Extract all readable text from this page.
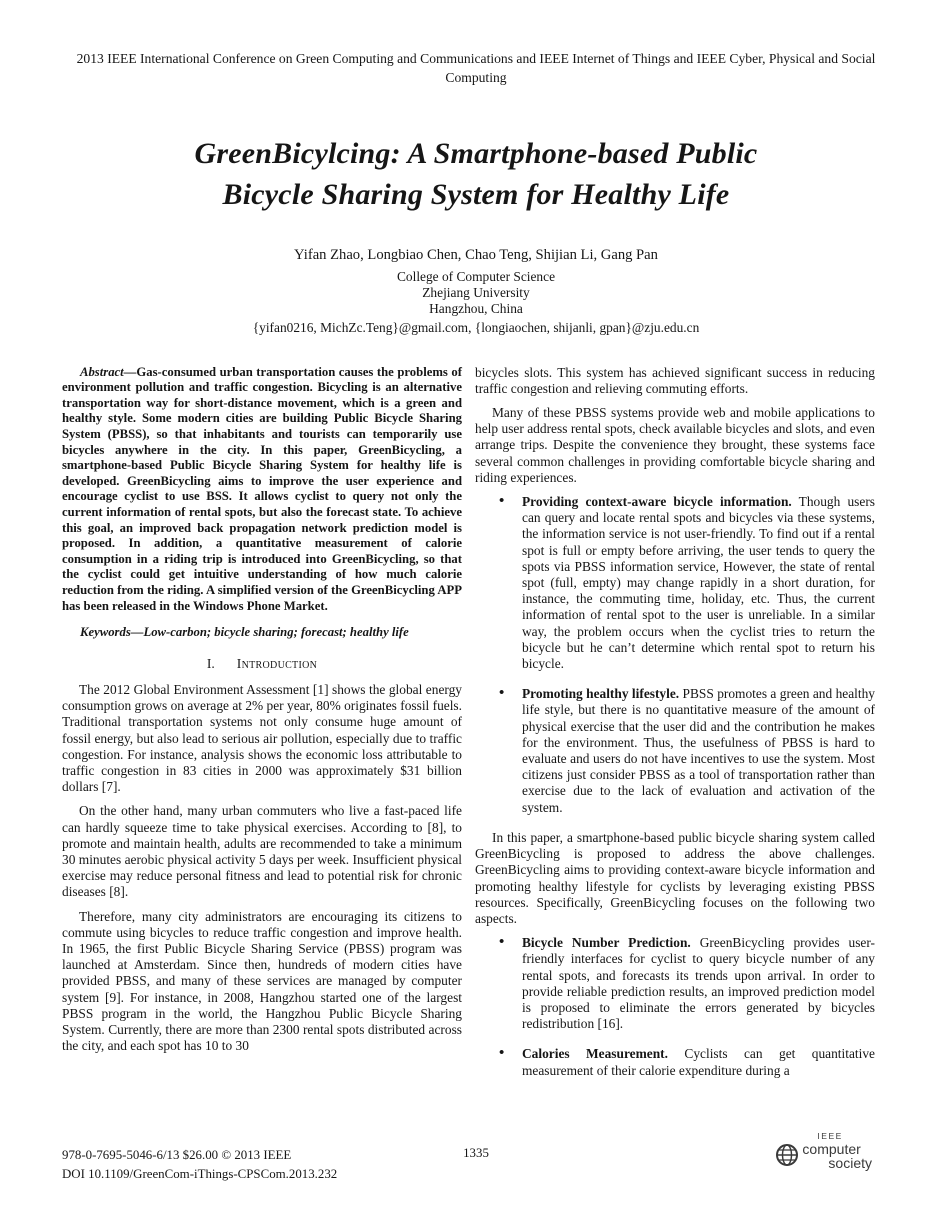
2013 IEEE International Conference on Green Computing and Communications and IEEE Internet of Things and IEEE Cyber, Physical and Social Computing
GreenBicylcing: A Smartphone-based Public
Bicycle Sharing System for Healthy Life
Yifan Zhao, Longbiao Chen, Chao Teng, Shijian Li, Gang Pan
College of Computer Science
Zhejiang University
Hangzhou, China
{yifan0216, MichZc.Teng}@gmail.com, {longiaochen, shijanli, gpan}@zju.edu.cn

Abstract—Gas-consumed urban transportation causes the problems of environment pollution and traffic congestion. Bicycling is an alternative transportation way for short-distance movement, which is a green and healthy style. Some modern cities are building Public Bicycle Sharing System (PBSS), so that inhabitants and tourists can temporarily use bicycles anywhere in the city. In this paper, GreenBicycling, a smartphone-based Public Bicycle Sharing System for healthy life is developed. GreenBicycling aims to improve the user experience and encourage cyclist to use BSS. It allows cyclist to query not only the current information of rental spots, but also the forecast state. To achieve this goal, an improved back propagation network prediction model is proposed. In addition, a quantitative measurement of calorie consumption in a riding trip is introduced into GreenBicycling, so that the cyclist could get intuitive understanding of how much calorie reduction from the riding. A simplified version of the GreenBicycling APP has been released in the Windows Phone Market.

Keywords—Low-carbon; bicycle sharing; forecast; healthy life

I. Introduction

The 2012 Global Environment Assessment [1] shows the global energy consumption grows on average at 2% per year, 80% originates fossil fuels. Traditional transportation systems not only consume huge amount of fossil energy, but also lead to serious air pollution, especially due to traffic congestion. For instance, analysis shows the economic loss attributable to traffic congestion in 83 cities in 2000 was approximately $31 billion dollars [7].

On the other hand, many urban commuters who live a fast-paced life can hardly squeeze time to take physical exercises. According to [8], to promote and maintain health, adults are recommended to take a minimum 30 minutes aerobic physical activity 5 days per week. Insufficient physical exercise may reduce personal fitness and lead to potential risk for chronic diseases [8].

Therefore, many city administrators are encouraging its citizens to commute using bicycles to reduce traffic congestion and improve health. In 1965, the first Public Bicycle Sharing Service (PBSS) program was launched at Amsterdam. Since then, hundreds of modern cities have provided PBSS, and many of these services are managed by computer system [9]. For instance, in 2008, Hangzhou started one of the largest PBSS program in the world, the Hangzhou Public Bicycle Sharing System. Currently, there are more than 2300 rental spots distributed across the city, and each spot has 10 to 30

bicycles slots. This system has achieved significant success in reducing traffic congestion and relieving commuting efforts.

Many of these PBSS systems provide web and mobile applications to help user address rental spots, check available bicycles and slots, and even arrange trips. Despite the convenience they brought, these systems face several common challenges in providing comfortable bicycle sharing and riding experiences.

• Providing context-aware bicycle information. Though users can query and locate rental spots and bicycles via these systems, the information service is not user-friendly. To find out if a rental spot is full or empty before arriving, the user tends to query the spots via PBSS information service, However, the state of rental spot (full, empty) may change rapidly in a short duration, for instance, the commuting time, holiday, etc. Thus, the current information of rental spot to the user is unreliable. In a similar way, the problem occurs when the cyclist tries to return the bicycle but he can’t determine which rental spot to return his bicycle.
• Promoting healthy lifestyle. PBSS promotes a green and healthy life style, but there is no quantitative measure of the amount of physical exercise that the user did and the contribution he makes for the environment. Thus, the usefulness of PBSS is hard to evaluate and users do not have incentives to use the system. Most citizens just consider PBSS as a tool of transportation rather than exercise due to the lack of evaluation and activation of the system.

In this paper, a smartphone-based public bicycle sharing system called GreenBicycling is proposed to address the above challenges. GreenBicycling aims to providing context-aware bicycle information and promoting healthy lifestyle for cyclists by leveraging existing PBSS resources. Specifically, GreenBicycling focuses on the following two aspects.

• Bicycle Number Prediction. GreenBicycling provides user-friendly interfaces for cyclist to query bicycle number of any rental spots, and forecasts its trends upon arrival. In order to provide reliable prediction results, an improved prediction model is proposed to eliminate the errors generated by bicycles redistribution [16].
• Calories Measurement. Cyclists can get quantitative measurement of their calorie expenditure during a
978-0-7695-5046-6/13 $26.00 © 2013 IEEE
DOI 10.1109/GreenCom-iThings-CPSCom.2013.232
1335
IEEE
computer
society
